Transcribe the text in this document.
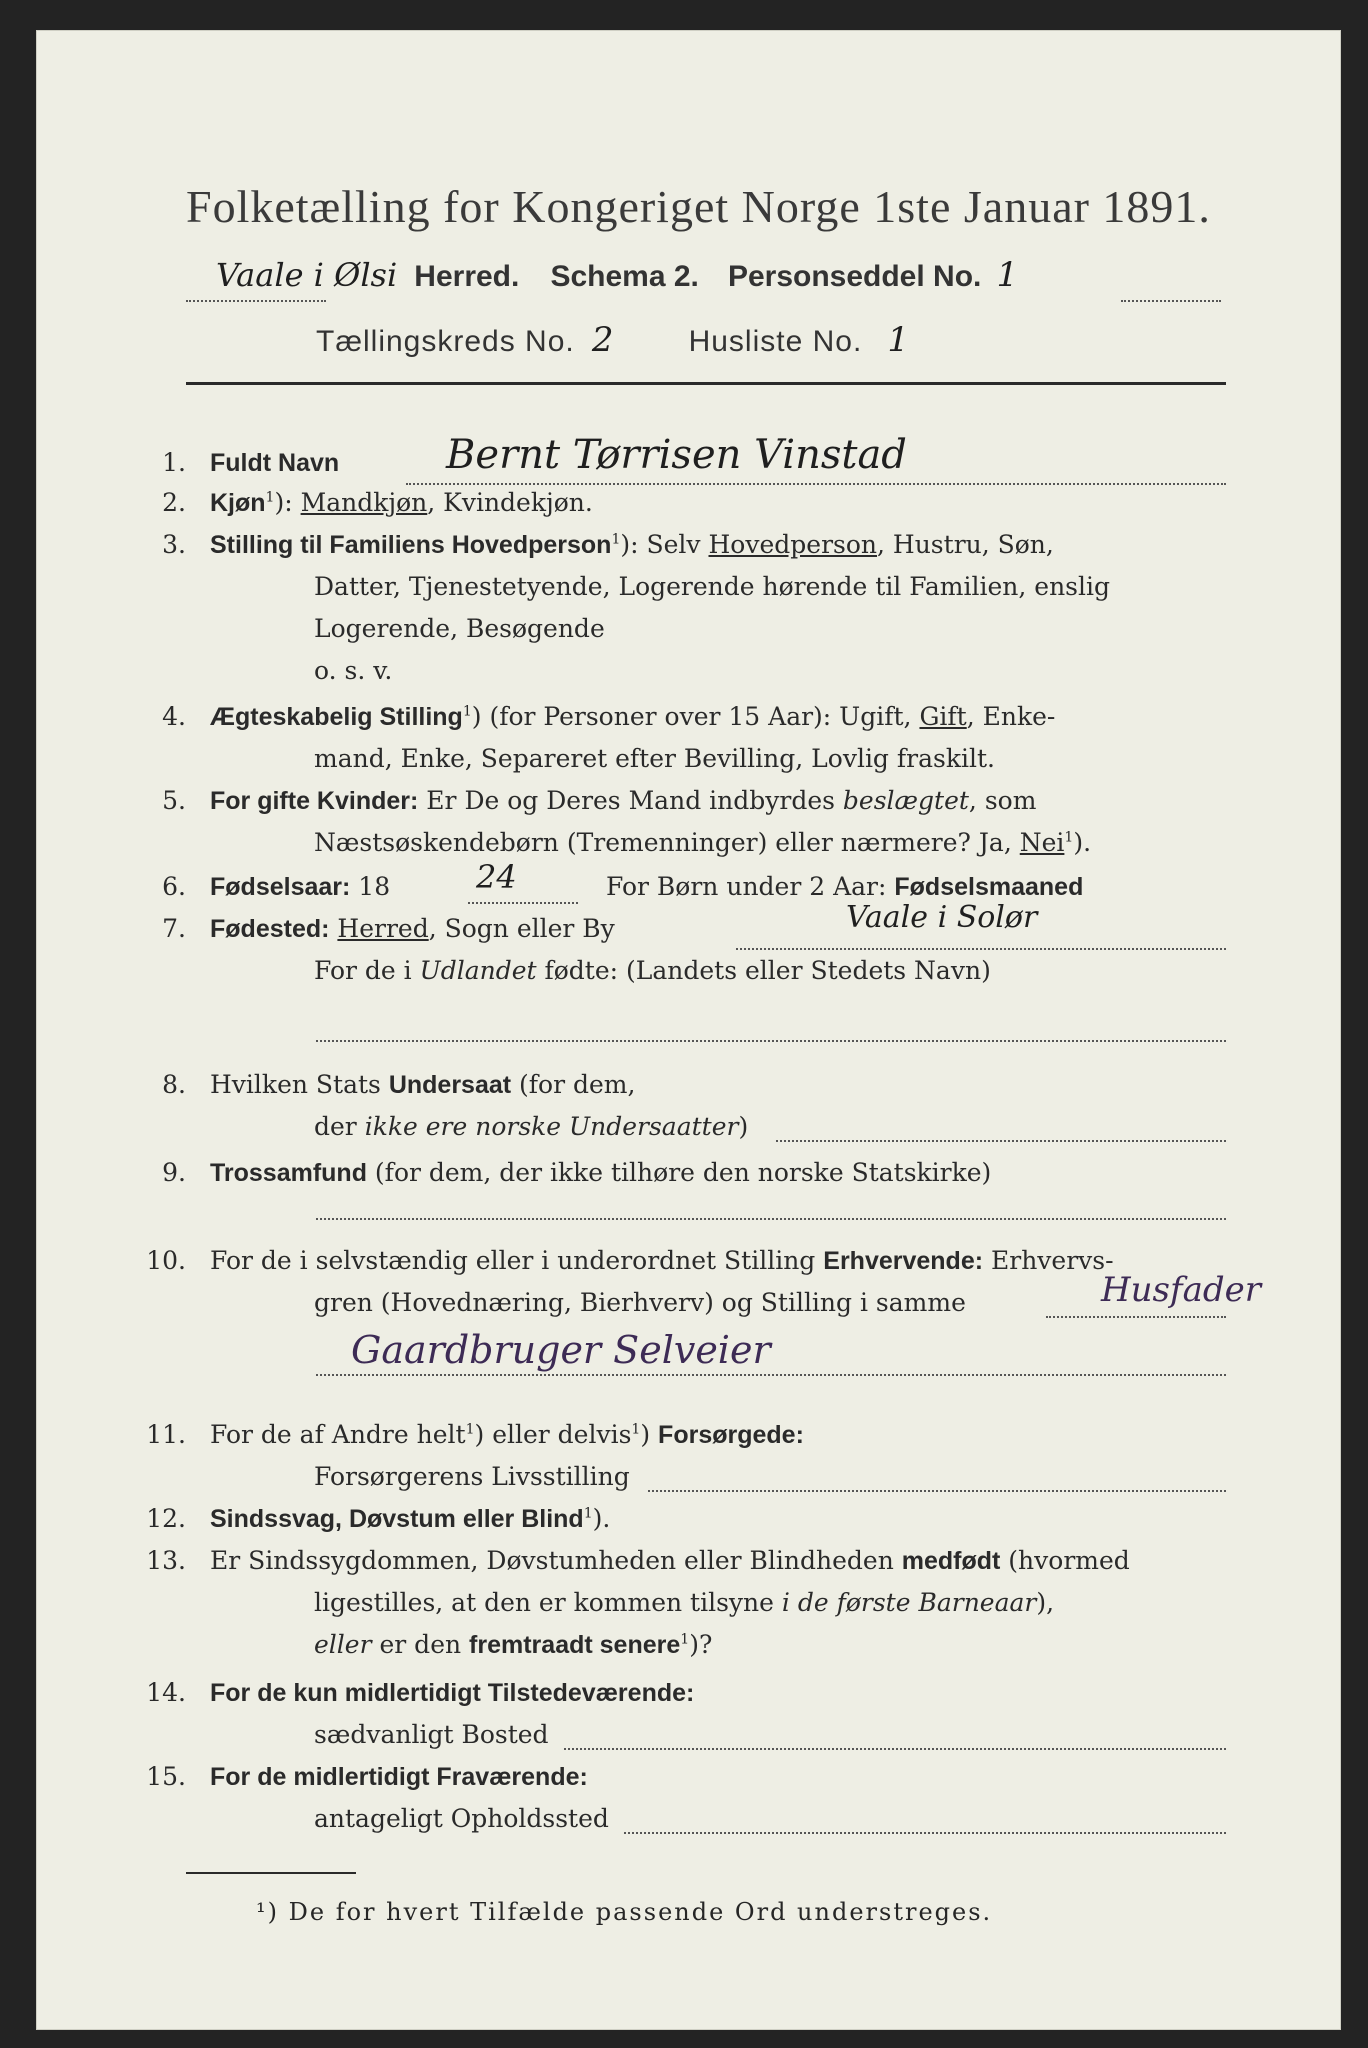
Folketælling for Kongeriget Norge 1ste Januar 1891.
Vaale i Ølsi Herred. Schema 2. Personseddel No. 1
Tællingskreds No. 2	Husliste No. 1
1. Fuldt Navn	Bernt Tørrisen Vinstad
2. Kjøn$^1$): Mandkjøn, Kvindekjøn.
3. Stilling til Familiens Hovedperson$^1$): Selv Hovedperson, Hustru, Søn,
Datter, Tjenestetyende, Logerende hørende til Familien, enslig
Logerende, Besøgende
o. s. v.
4. Ægteskabelig Stilling$^1$) (for Personer over 15 Aar): Ugift, Gift, Enke-
mand, Enke, Separeret efter Bevilling, Lovlig fraskilt.
5. For gifte Kvinder: Er De og Deres Mand indbyrdes beslægtet, som
Næstsøskendebørn (Tremenninger) eller nærmere? Ja, Nei$^1$).
6. Fødselsaar: 18	24	For Børn under 2 Aar: Fødselsmaaned
7. Fødested: Herred, Sogn eller By	Vaale i Solør
For de i Udlandet fødte: (Landets eller Stedets Navn)
8. Hvilken Stats Undersaat (for dem,
der ikke ere norske Undersaatter)
9. Trossamfund (for dem, der ikke tilhøre den norske Statskirke)
10. For de i selvstændig eller i underordnet Stilling Erhvervende: Erhvervs-
gren (Hovednæring, Bierhverv) og Stilling i samme	Husfader
Gaardbruger Selveier
11. For de af Andre helt$^1$) eller delvis$^1$) Forsørgede:
Forsørgerens Livsstilling
12. Sindssvag, Døvstum eller Blind$^1$).
13. Er Sindssygdommen, Døvstumheden eller Blindheden medfødt (hvormed
ligestilles, at den er kommen tilsyne i de første Barneaar),
eller er den fremtraadt senere$^1$)?
14. For de kun midlertidigt Tilstedeværende:
sædvanligt Bosted
15. For de midlertidigt Fraværende:
antageligt Opholdssted
¹) De for hvert Tilfælde passende Ord understreges.
